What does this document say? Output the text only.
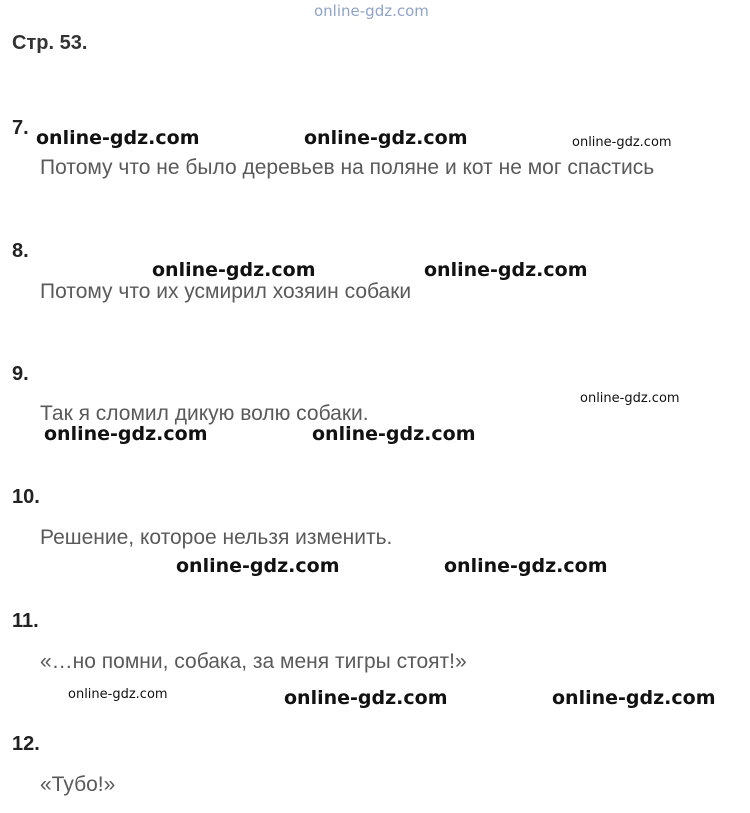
online-gdz.com
Стр. 53.
7. online-gdz.com	online-gdz.com	online-gdz.com
Потому что не было деревьев на поляне и кот не мог спастись
8.
online-gdz.com	online-gdz.com
Потому что их усмирил хозяин собаки
9.
online-gdz.com
Так я сломил дикую волю собаки.
online-gdz.com	online-gdz.com
10.
Решение, которое нельзя изменить.
online-gdz.com	online-gdz.com
11.
«…но помни, собака, за меня тигры стоят!»
online-gdz.com	online-gdz.com	online-gdz.com
12.
«Тубо!»
